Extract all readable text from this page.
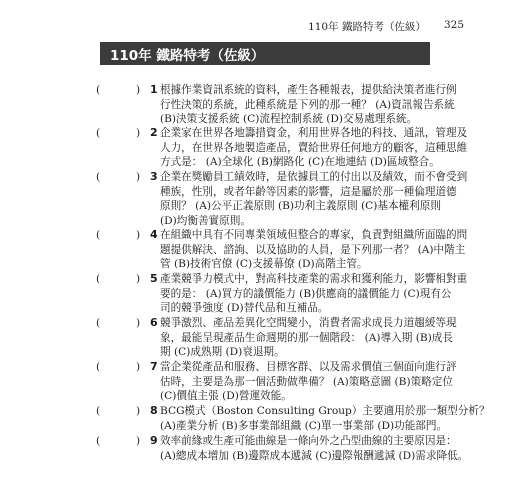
110年 鐵路特考（佐級） 325
110年 鐵路特考（佐級）
(	) 1 根據作業資訊系統的資料，產生各種報表，提供給決策者進行例
行性決策的系統，此種系統是下列的那一種？ (A)資訊報告系統
(B)決策支援系統 (C)流程控制系統 (D)交易處理系統。
(	) 2 企業家在世界各地籌措資金，利用世界各地的科技、通訊，管理及
人力，在世界各地製造產品，賣給世界任何地方的顧客，這種思維
方式是： (A)全球化 (B)網路化 (C)在地連結 (D)區域整合。
(	) 3 企業在獎勵員工績效時，是依據員工的付出以及績效，而不會受到
種族，性別，或者年齡等因素的影響，這是屬於那一種倫理道德
原則？ (A)公平正義原則 (B)功利主義原則 (C)基本權利原則
(D)均衡善實原則。
(	) 4 在組織中具有不同專業領域但整合的專家，負責對組織所面臨的問
題提供解決、諮詢、以及協助的人員，是下列那一者？ (A)中階主
管 (B)技術官僚 (C)支援幕僚 (D)高階主管。
(	) 5 產業競爭力模式中，對高科技產業的需求和獲利能力，影響相對重
要的是： (A)買方的議價能力 (B)供應商的議價能力 (C)現有公
司的競爭強度 (D)替代品和互補品。
(	) 6 競爭激烈、產品差異化空間變小，消費者需求成長力道趨緩等現
象，最能呈現產品生命週期的那一個階段： (A)導入期 (B)成長
期 (C)成熟期 (D)衰退期。
(	) 7 當企業從產品和服務、目標客群、以及需求價值三個面向進行評
估時，主要是為那一個活動做準備？ (A)策略意圖 (B)策略定位
(C)價值主張 (D)營運效能。
(	) 8 BCG模式（Boston Consulting Group）主要適用於那一類型分析？
(A)產業分析 (B)多事業部組織 (C)單一事業部 (D)功能部門。
(	) 9 效率前緣或生產可能曲線是一條向外之凸型曲線的主要原因是：
(A)總成本增加 (B)邊際成本遞減 (C)邊際報酬遞減 (D)需求降低。
